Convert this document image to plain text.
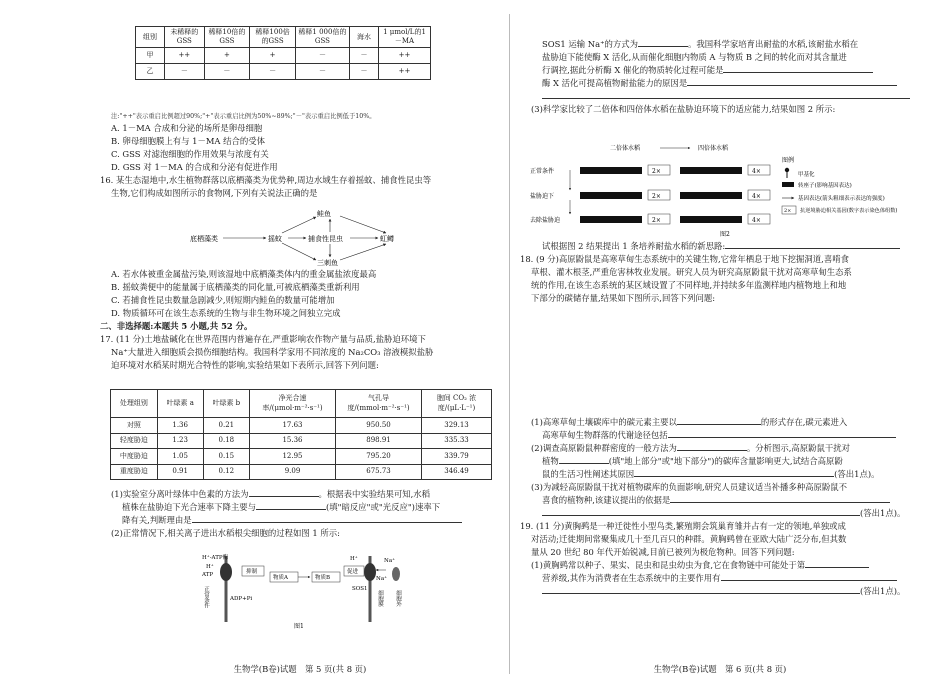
组别	未稀释的GSS	稀释10倍的GSS	稀释100倍的GSS	稀释1 000倍的GSS	海水	1 μmol/L的1－MA
甲	++	+	+	－	－	++
乙	－	－	－	－	－	++

注:"++"表示重启比例超过90%;"+"表示重启比例为50%~89%;"－"表示重启比例低于10%。

A. 1－MA 合成和分泌的场所是卵母细胞

B. 卵母细胞膜上有与 1－MA 结合的受体

C. GSS 对滤泡细胞的作用效果与浓度有关

D. GSS 对 1－MA 的合成和分泌有促进作用

16. 某生态湿地中,水生植物群落以底栖藻类为优势种,周边水域生存着摇蚊、捕食性昆虫等

生物,它们构成如图所示的食物网,下列有关说法正确的是

底栖藻类	摇蚊	捕食性昆虫
鲑鱼
虹鳟
三刺鱼

A. 若水体被重金属盐污染,则该湿地中底栖藻类体内的重金属盐浓度最高

B. 摇蚊粪便中的能量属于底栖藻类的同化量,可被底栖藻类重新利用

C. 若捕食性昆虫数量急剧减少,则短期内鲑鱼的数量可能增加

D. 物质循环可在该生态系统的生物与非生物环境之间独立完成

二、非选择题:本题共 5 小题,共 52 分。

17. (11 分)土地盐碱化在世界范围内普遍存在,严重影响农作物产量与品质,盐胁迫环境下

Na⁺大量进入细胞质会损伤细胞结构。我国科学家用不同浓度的 Na₂CO₃ 溶液模拟盐胁

迫环境对水稻某时期光合特性的影响,实验结果如下表所示,回答下列问题:

处理组别	叶绿素 a	叶绿素 b	净光合速率/(μmol·m⁻²·s⁻¹)	气孔导度/(mmol·m⁻²·s⁻¹)	胞间 CO₂ 浓度/(μL·L⁻¹)
对照	1.36	0.21	17.63	950.50	329.13
轻度胁迫	1.23	0.18	15.36	898.91	335.33
中度胁迫	1.05	0.15	12.95	795.20	339.79
重度胁迫	0.91	0.12	9.09	675.73	346.49

(1)实验室分离叶绿体中色素的方法为	。根据表中实验结果可知,水稻

植株在盐胁迫下光合速率下降主要与	(填"暗反应"或"光反应")速率下

降有关,判断理由是

(2)正常情况下,相关离子进出水稻根尖细胞的过程如图 1 所示:

H⁺-ATP酶
H⁺
ATP
ADP+Pi
抑制
物质A	物质B
促进
SOS1
Na⁺
H⁺
Na⁺
正常条件	细胞膜 细胞外
图1
生物学(B卷)试题　第 5 页(共 8 页)

SOS1 运输 Na⁺的方式为	。我国科学家培育出耐盐的水稻,该耐盐水稻在

盐胁迫下能使酶 X 活化,从而催化细胞内物质 A 与物质 B 之间的转化而对其含量进

行调控,据此分析酶 X 催化的物质转化过程可能是

酶 X 活化可提高植物耐盐能力的原因是

(3)科学家比较了二倍体和四倍体水稻在盐胁迫环境下的适应能力,结果如图 2 所示:

二倍体水稻	四倍体水稻
正常条件	2×	4×
盐胁迫下	2×	4×
去除盐胁迫	2×	4×
图例
甲基化
转座子(影响基因表达)
基因表达(箭头粗细表示表达的强度)
2× 抗逆境胁迫相关基因(数字表示染色体组数)
图2

试根据图 2 结果提出 1 条培养耐盐水稻的新思路:

18. (9 分)高原鼢鼠是高寒草甸生态系统中的关键生物,它常年栖息于地下挖掘洞道,喜啃食

草根、灌木根茎,严重危害林牧业发展。研究人员为研究高原鼢鼠干扰对高寒草甸生态系

统的作用,在该生态系统的某区域设置了不同样地,并持续多年监测样地内植物地上和地

下部分的碳储存量,结果如下图所示,回答下列问题:

(1)高寒草甸土壤碳库中的碳元素主要以	的形式存在,碳元素进入

高寒草甸生物群落的代谢途径包括

(2)调查高原鼢鼠种群密度的一般方法为	。分析图示,高原鼢鼠干扰对

植物	(填"地上部分"或"地下部分")的碳库含量影响更大,试结合高原鼢

鼠的生活习性阐述其原因	(答出1点)。

(3)为减轻高原鼢鼠干扰对植物碳库的负面影响,研究人员建议适当补播多种高原鼢鼠不

喜食的植物种,该建议提出的依据是

(答出1点)。

19. (11 分)黄胸鹀是一种迁徙性小型鸟类,繁殖期会筑巢育雏并占有一定的领地,单独或成

对活动;迁徙期间常聚集成几十至几百只的种群。黄胸鹀曾在亚欧大陆广泛分布,但其数

量从 20 世纪 80 年代开始锐减,目前已被列为极危物种。回答下列问题:

(1)黄胸鹀常以种子、果实、昆虫和昆虫幼虫为食,它在食物链中可能处于第

营养级,其作为消费者在生态系统中的主要作用有

(答出1点)。

生物学(B卷)试题　第 6 页(共 8 页)
